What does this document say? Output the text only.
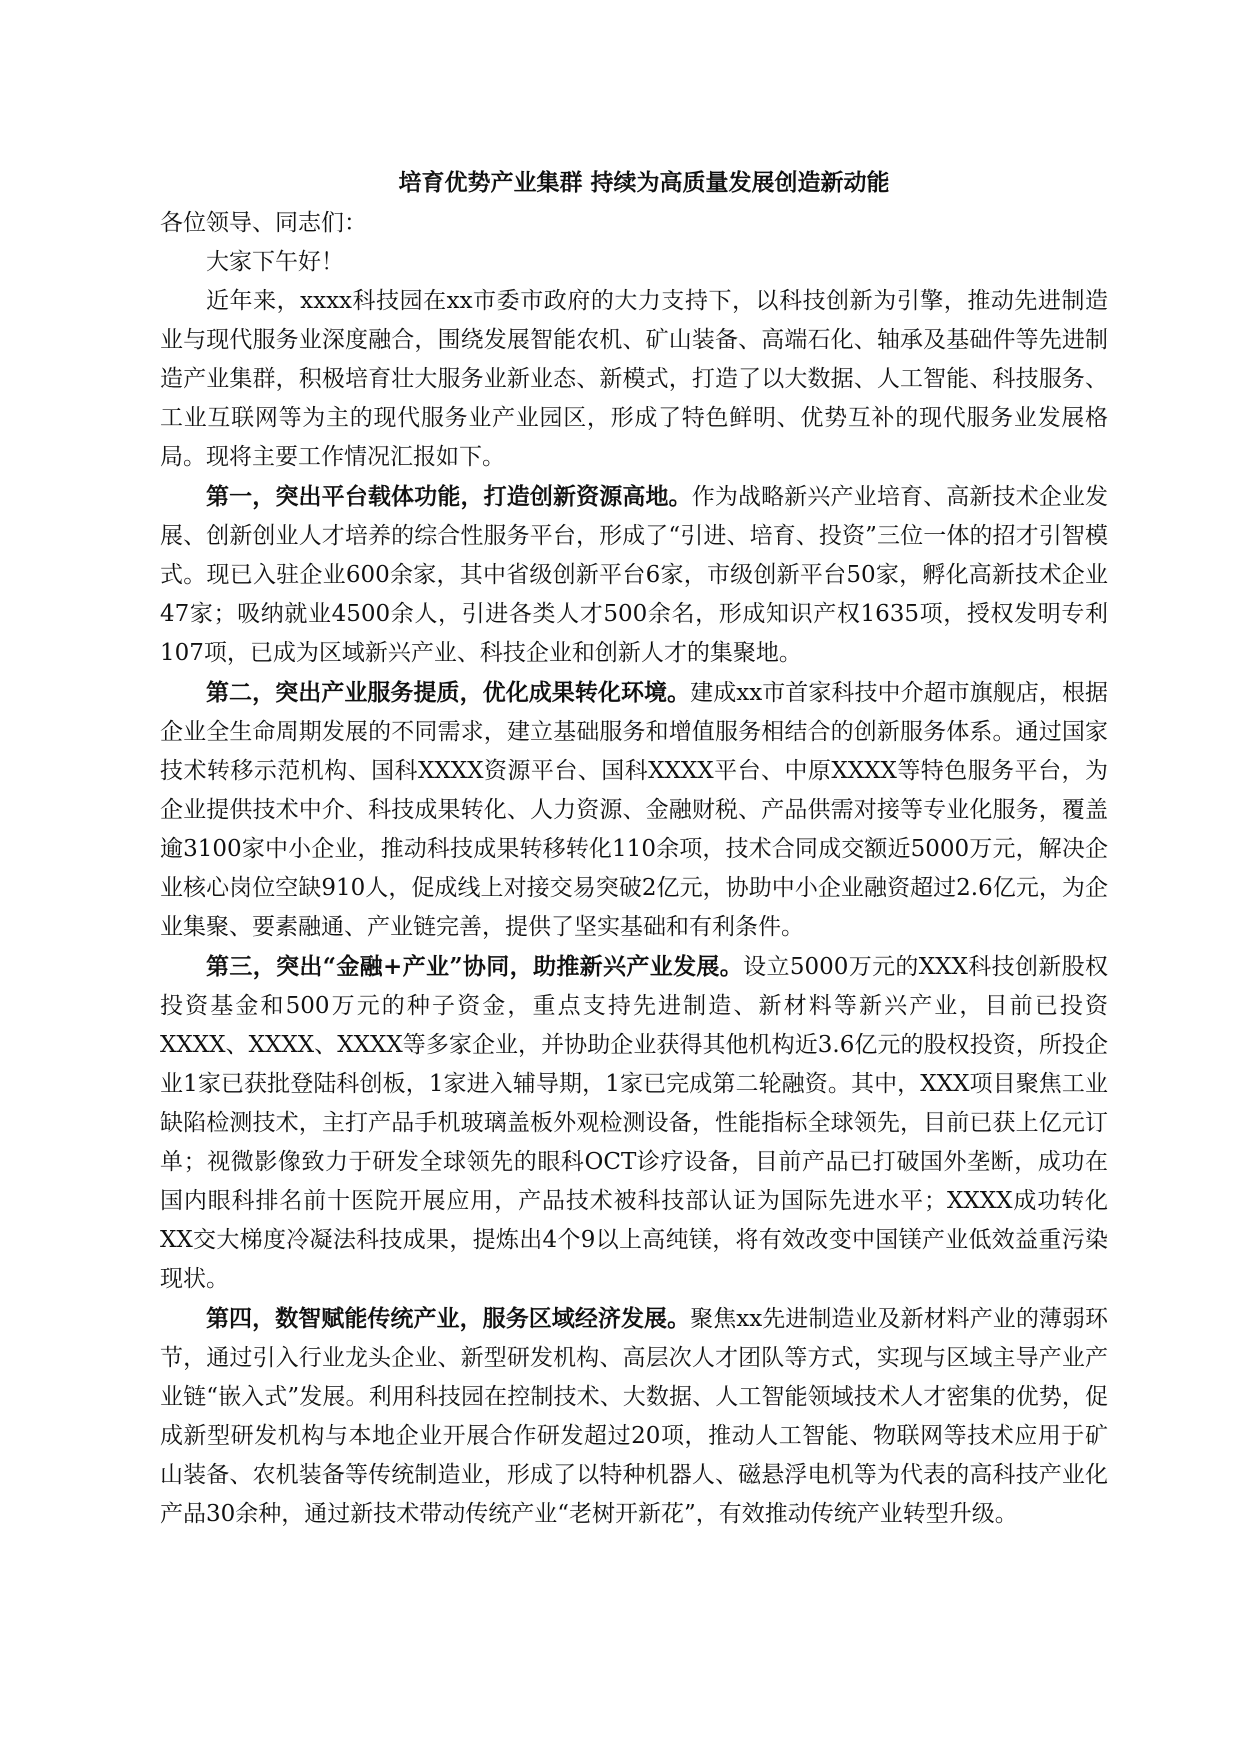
培育优势产业集群 持续为高质量发展创造新动能

各位领导、同志们：

大家下午好！

近年来，xxxx科技园在xx市委市政府的大力支持下，以科技创新为引擎，推动先进制造业与现代服务业深度融合，围绕发展智能农机、矿山装备、高端石化、轴承及基础件等先进制造产业集群，积极培育壮大服务业新业态、新模式，打造了以大数据、人工智能、科技服务、工业互联网等为主的现代服务业产业园区，形成了特色鲜明、优势互补的现代服务业发展格局。现将主要工作情况汇报如下。

第一，突出平台载体功能，打造创新资源高地。作为战略新兴产业培育、高新技术企业发展、创新创业人才培养的综合性服务平台，形成了“引进、培育、投资”三位一体的招才引智模式。现已入驻企业600余家，其中省级创新平台6家，市级创新平台50家，孵化高新技术企业47家；吸纳就业4500余人，引进各类人才500余名，形成知识产权1635项，授权发明专利107项，已成为区域新兴产业、科技企业和创新人才的集聚地。

第二，突出产业服务提质，优化成果转化环境。建成xx市首家科技中介超市旗舰店，根据企业全生命周期发展的不同需求，建立基础服务和增值服务相结合的创新服务体系。通过国家技术转移示范机构、国科XXXX资源平台、国科XXXX平台、中原XXXX等特色服务平台，为企业提供技术中介、科技成果转化、人力资源、金融财税、产品供需对接等专业化服务，覆盖逾3100家中小企业，推动科技成果转移转化110余项，技术合同成交额近5000万元，解决企业核心岗位空缺910人，促成线上对接交易突破2亿元，协助中小企业融资超过2.6亿元，为企业集聚、要素融通、产业链完善，提供了坚实基础和有利条件。

第三，突出“金融+产业”协同，助推新兴产业发展。设立5000万元的XXX科技创新股权投资基金和500万元的种子资金，重点支持先进制造、新材料等新兴产业，目前已投资XXXX、XXXX、XXXX等多家企业，并协助企业获得其他机构近3.6亿元的股权投资，所投企业1家已获批登陆科创板，1家进入辅导期，1家已完成第二轮融资。其中，XXX项目聚焦工业缺陷检测技术，主打产品手机玻璃盖板外观检测设备，性能指标全球领先，目前已获上亿元订单；视微影像致力于研发全球领先的眼科OCT诊疗设备，目前产品已打破国外垄断，成功在国内眼科排名前十医院开展应用，产品技术被科技部认证为国际先进水平；XXXX成功转化XX交大梯度冷凝法科技成果，提炼出4个9以上高纯镁，将有效改变中国镁产业低效益重污染现状。

第四，数智赋能传统产业，服务区域经济发展。聚焦xx先进制造业及新材料产业的薄弱环节，通过引入行业龙头企业、新型研发机构、高层次人才团队等方式，实现与区域主导产业产业链“嵌入式”发展。利用科技园在控制技术、大数据、人工智能领域技术人才密集的优势，促成新型研发机构与本地企业开展合作研发超过20项，推动人工智能、物联网等技术应用于矿山装备、农机装备等传统制造业，形成了以特种机器人、磁悬浮电机等为代表的高科技产业化产品30余种，通过新技术带动传统产业“老树开新花”，有效推动传统产业转型升级。
